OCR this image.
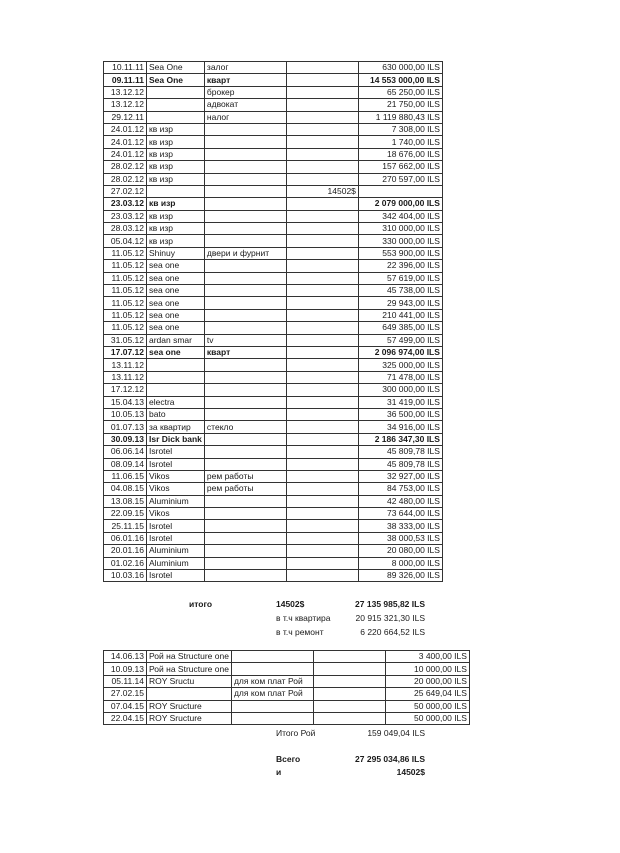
10.11.11	Sea One	залог		630 000,00 ILS
09.11.11	Sea One	кварт		14 553 000,00 ILS
13.12.12		брокер		65 250,00 ILS
13.12.12		адвокат		21 750,00 ILS
29.12.11		налог		1 119 880,43 ILS
24.01.12	кв изр			7 308,00 ILS
24.01.12	кв изр			1 740,00 ILS
24.01.12	кв изр			18 676,00 ILS
28.02.12	кв изр			157 662,00 ILS
28.02.12	кв изр			270 597,00 ILS
27.02.12			14502$	
23.03.12	кв изр			2 079 000,00 ILS
23.03.12	кв изр			342 404,00 ILS
28.03.12	кв изр			310 000,00 ILS
05.04.12	кв изр			330 000,00 ILS
11.05.12	Shinuy	двери и фурнит		553 900,00 ILS
11.05.12	sea one			22 396,00 ILS
11.05.12	sea one			57 619,00 ILS
11.05.12	sea one			45 738,00 ILS
11.05.12	sea one			29 943,00 ILS
11.05.12	sea one			210 441,00 ILS
11.05.12	sea one			649 385,00 ILS
31.05.12	ardan smar	tv		57 499,00 ILS
17.07.12	sea one	кварт		2 096 974,00 ILS
13.11.12				325 000,00 ILS
13.11.12				71 478,00 ILS
17.12.12				300 000,00 ILS
15.04.13	electra			31 419,00 ILS
10.05.13	bato			36 500,00 ILS
01.07.13	за квартир	стекло		34 916,00 ILS
30.09.13	Isr Dick bank			2 186 347,30 ILS
06.06.14	Isrotel			45 809,78 ILS
08.09.14	Isrotel			45 809,78 ILS
11.06.15	Vikos	рем работы		32 927,00 ILS
04.08.15	Vikos	рем работы		84 753,00 ILS
13.08.15	Aluminium			42 480,00 ILS
22.09.15	Vikos			73 644,00 ILS
25.11.15	Isrotel			38 333,00 ILS
06.01.16	Isrotel			38 000,53 ILS
20.01.16	Aluminium			20 080,00 ILS
01.02.16	Aluminium			8 000,00 ILS
10.03.16	Isrotel			89 326,00 ILS
итого	14502$	27 135 985,82 ILS
в т.ч квартира	20 915 321,30 ILS
в т.ч ремонт	6 220 664,52 ILS
14.06.13	Рой на Structure one			3 400,00 ILS
10.09.13	Рой на Structure one			10 000,00 ILS
05.11.14	ROY Sructu	для ком плат Рой		20 000,00 ILS
27.02.15		для ком плат Рой		25 649,04 ILS
07.04.15	ROY Sructure			50 000,00 ILS
22.04.15	ROY Sructure			50 000,00 ILS
Итого Рой	159 049,04 ILS
Всего	27 295 034,86 ILS
и	14502$
